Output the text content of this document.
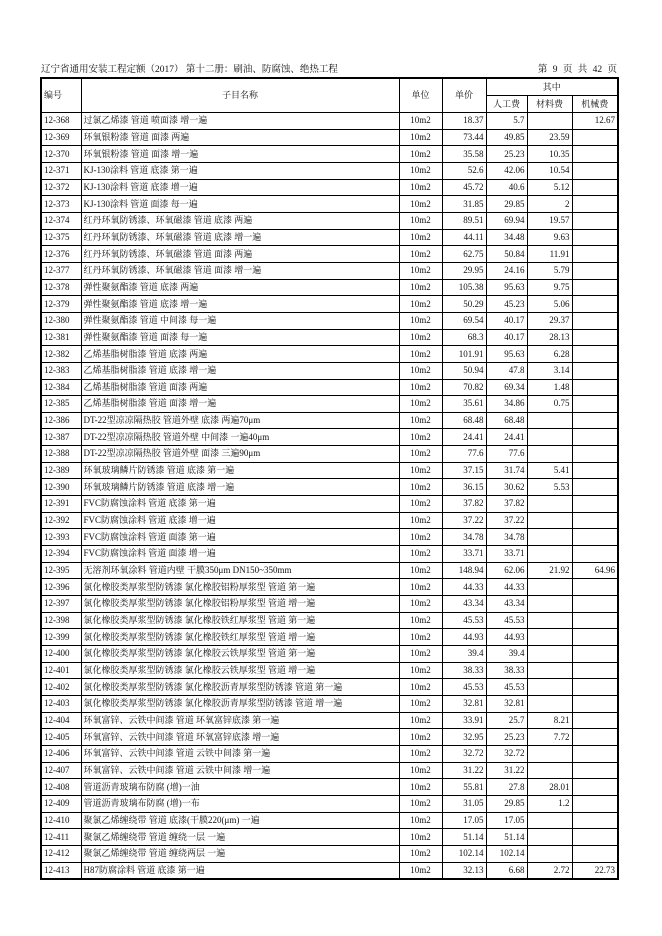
辽宁省通用安装工程定额（2017） 第十二册：刷油、防腐蚀、绝热工程	第 9 页 共 42 页
编号	子目名称	单位	单价	其中		
				人工费	材料费	机械费
12-368	过氯乙烯漆 管道 喷面漆 增一遍	10m2	18.37	5.7		12.67
12-369	环氧银粉漆 管道 面漆 两遍	10m2	73.44	49.85	23.59	
12-370	环氧银粉漆 管道 面漆 增一遍	10m2	35.58	25.23	10.35	
12-371	KJ-130涂料 管道 底漆 第一遍	10m2	52.6	42.06	10.54	
12-372	KJ-130涂料 管道 底漆 增一遍	10m2	45.72	40.6	5.12	
12-373	KJ-130涂料 管道 面漆 每一遍	10m2	31.85	29.85	2	
12-374	红丹环氧防锈漆、环氧磁漆 管道 底漆 两遍	10m2	89.51	69.94	19.57	
12-375	红丹环氧防锈漆、环氧磁漆 管道 底漆 增一遍	10m2	44.11	34.48	9.63	
12-376	红丹环氧防锈漆、环氧磁漆 管道 面漆 两遍	10m2	62.75	50.84	11.91	
12-377	红丹环氧防锈漆、环氧磁漆 管道 面漆 增一遍	10m2	29.95	24.16	5.79	
12-378	弹性聚氨酯漆 管道 底漆 两遍	10m2	105.38	95.63	9.75	
12-379	弹性聚氨酯漆 管道 底漆 增一遍	10m2	50.29	45.23	5.06	
12-380	弹性聚氨酯漆 管道 中间漆 每一遍	10m2	69.54	40.17	29.37	
12-381	弹性聚氨酯漆 管道 面漆 每一遍	10m2	68.3	40.17	28.13	
12-382	乙烯基脂树脂漆 管道 底漆 两遍	10m2	101.91	95.63	6.28	
12-383	乙烯基脂树脂漆 管道 底漆 增一遍	10m2	50.94	47.8	3.14	
12-384	乙烯基脂树脂漆 管道 面漆 两遍	10m2	70.82	69.34	1.48	
12-385	乙烯基脂树脂漆 管道 面漆 增一遍	10m2	35.61	34.86	0.75	
12-386	DT-22型凉凉隔热胶 管道外壁 底漆 两遍70μm	10m2	68.48	68.48		
12-387	DT-22型凉凉隔热胶 管道外壁 中间漆 一遍40μm	10m2	24.41	24.41		
12-388	DT-22型凉凉隔热胶 管道外壁 面漆 三遍90μm	10m2	77.6	77.6		
12-389	环氧玻璃鳞片防锈漆 管道 底漆 第一遍	10m2	37.15	31.74	5.41	
12-390	环氧玻璃鳞片防锈漆 管道 底漆 增一遍	10m2	36.15	30.62	5.53	
12-391	FVC防腐蚀涂料 管道 底漆 第一遍	10m2	37.82	37.82		
12-392	FVC防腐蚀涂料 管道 底漆 增一遍	10m2	37.22	37.22		
12-393	FVC防腐蚀涂料 管道 面漆 第一遍	10m2	34.78	34.78		
12-394	FVC防腐蚀涂料 管道 面漆 增一遍	10m2	33.71	33.71		
12-395	无溶剂环氧涂料 管道内壁 干膜350μm DN150~350mm	10m2	148.94	62.06	21.92	64.96
12-396	氯化橡胶类厚浆型防锈漆 氯化橡胶铝粉厚浆型 管道 第一遍	10m2	44.33	44.33		
12-397	氯化橡胶类厚浆型防锈漆 氯化橡胶铝粉厚浆型 管道 增一遍	10m2	43.34	43.34		
12-398	氯化橡胶类厚浆型防锈漆 氯化橡胶铁红厚浆型 管道 第一遍	10m2	45.53	45.53		
12-399	氯化橡胶类厚浆型防锈漆 氯化橡胶铁红厚浆型 管道 增一遍	10m2	44.93	44.93		
12-400	氯化橡胶类厚浆型防锈漆 氯化橡胶云铁厚浆型 管道 第一遍	10m2	39.4	39.4		
12-401	氯化橡胶类厚浆型防锈漆 氯化橡胶云铁厚浆型 管道 增一遍	10m2	38.33	38.33		
12-402	氯化橡胶类厚浆型防锈漆 氯化橡胶沥青厚浆型防锈漆 管道 第一遍	10m2	45.53	45.53		
12-403	氯化橡胶类厚浆型防锈漆 氯化橡胶沥青厚浆型防锈漆 管道 增一遍	10m2	32.81	32.81		
12-404	环氧富锌、云铁中间漆 管道 环氧富锌底漆 第一遍	10m2	33.91	25.7	8.21	
12-405	环氧富锌、云铁中间漆 管道 环氧富锌底漆 增一遍	10m2	32.95	25.23	7.72	
12-406	环氧富锌、云铁中间漆 管道 云铁中间漆 第一遍	10m2	32.72	32.72		
12-407	环氧富锌、云铁中间漆 管道 云铁中间漆 增一遍	10m2	31.22	31.22		
12-408	管道沥青玻璃布防腐 (增)一油	10m2	55.81	27.8	28.01	
12-409	管道沥青玻璃布防腐 (增)一布	10m2	31.05	29.85	1.2	
12-410	聚氯乙烯缠绕带 管道 底漆(干膜220(μm) 一遍	10m2	17.05	17.05		
12-411	聚氯乙烯缠绕带 管道 缠绕一层 一遍	10m2	51.14	51.14		
12-412	聚氯乙烯缠绕带 管道 缠绕两层 一遍	10m2	102.14	102.14		
12-413	H87防腐涂料 管道 底漆 第一遍	10m2	32.13	6.68	2.72	22.73
